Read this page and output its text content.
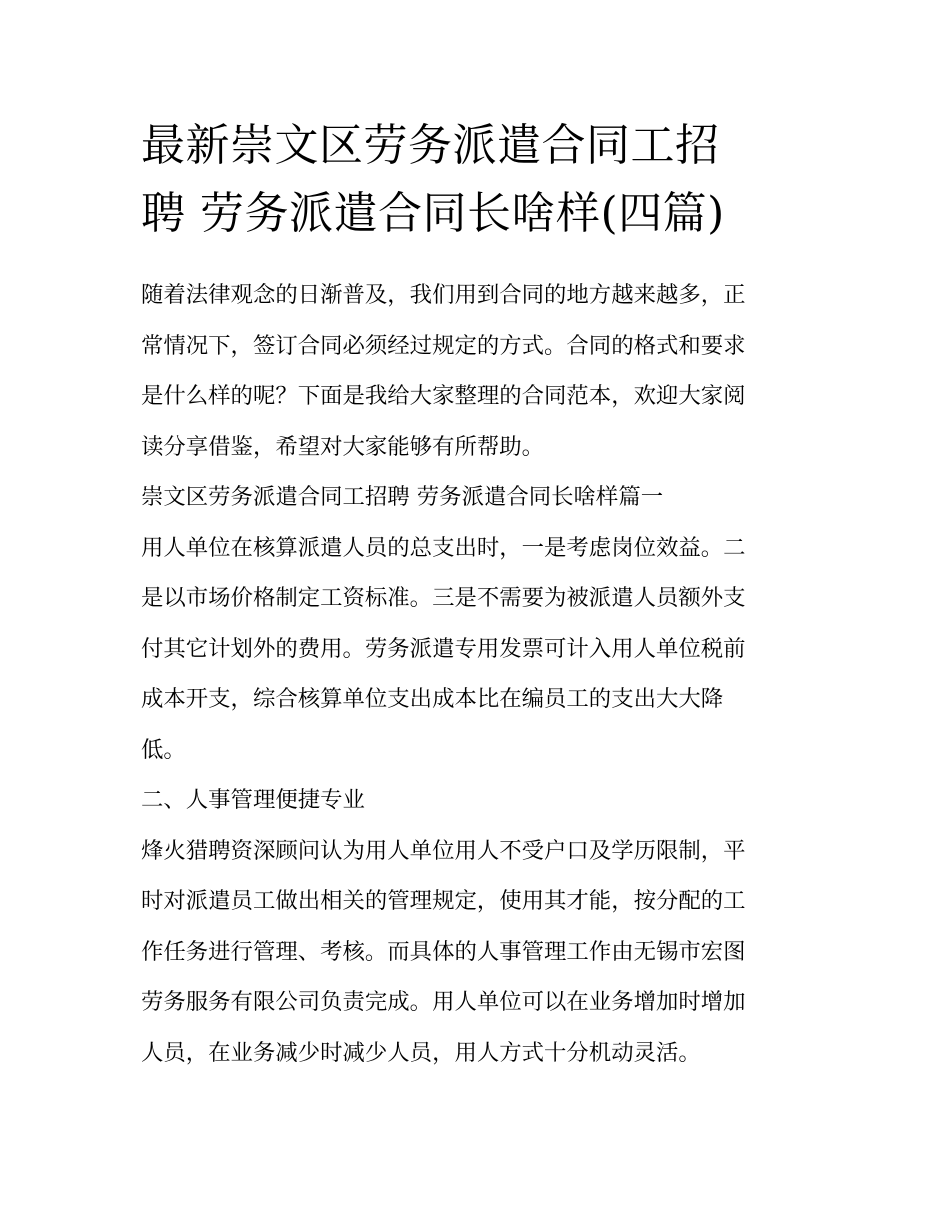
最新崇文区劳务派遣合同工招
聘 劳务派遣合同长啥样(四篇)

随着法律观念的日渐普及，我们用到合同的地方越来越多，正
常情况下，签订合同必须经过规定的方式。合同的格式和要求
是什么样的呢？下面是我给大家整理的合同范本，欢迎大家阅
读分享借鉴，希望对大家能够有所帮助。

崇文区劳务派遣合同工招聘 劳务派遣合同长啥样篇一

用人单位在核算派遣人员的总支出时，一是考虑岗位效益。二
是以市场价格制定工资标准。三是不需要为被派遣人员额外支
付其它计划外的费用。劳务派遣专用发票可计入用人单位税前
成本开支，综合核算单位支出成本比在编员工的支出大大降
低。

二、人事管理便捷专业

烽火猎聘资深顾问认为用人单位用人不受户口及学历限制，平
时对派遣员工做出相关的管理规定，使用其才能，按分配的工
作任务进行管理、考核。而具体的人事管理工作由无锡市宏图
劳务服务有限公司负责完成。用人单位可以在业务增加时增加
人员，在业务减少时减少人员，用人方式十分机动灵活。
